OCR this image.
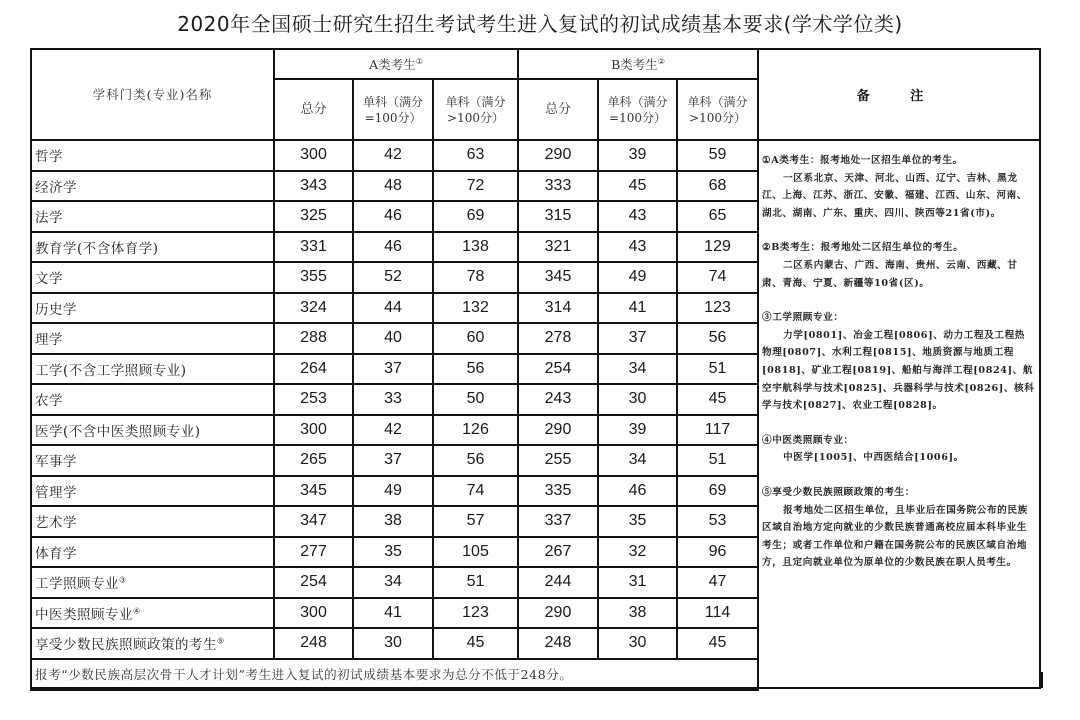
2020年全国硕士研究生招生考试考生进入复试的初试成绩基本要求(学术学位类)
学科门类(专业)名称	A类考生①			B类考生②
	总分	单科（满分=100分）	单科（满分>100分）	总分	单科（满分=100分）	单科（满分>100分）
哲学	300	42	63	290	39	59
经济学	343	48	72	333	45	68
法学	325	46	69	315	43	65
教育学(不含体育学)	331	46	138	321	43	129
文学	355	52	78	345	49	74
历史学	324	44	132	314	41	123
理学	288	40	60	278	37	56
工学(不含工学照顾专业)	264	37	56	254	34	51
农学	253	33	50	243	30	45
医学(不含中医类照顾专业)	300	42	126	290	39	117
军事学	265	37	56	255	34	51
管理学	345	49	74	335	46	69
艺术学	347	38	57	337	35	53
体育学	277	35	105	267	32	96
工学照顾专业③	254	34	51	244	31	47
中医类照顾专业④	300	41	123	290	38	114
享受少数民族照顾政策的考生⑤	248	30	45	248	30	45
报考“少数民族高层次骨干人才计划”考生进入复试的初试成绩基本要求为总分不低于248分。						
备 注
①A类考生：报考地处一区招生单位的考生。
一区系北京、天津、河北、山西、辽宁、吉林、黑龙江、上海、江苏、浙江、安徽、福建、江西、山东、河南、湖北、湖南、广东、重庆、四川、陕西等21省(市)。
②B类考生：报考地处二区招生单位的考生。
二区系内蒙古、广西、海南、贵州、云南、西藏、甘肃、青海、宁夏、新疆等10省(区)。
③工学照顾专业：
力学[0801]、冶金工程[0806]、动力工程及工程热物理[0807]、水利工程[0815]、地质资源与地质工程[0818]、矿业工程[0819]、船舶与海洋工程[0824]、航空宇航科学与技术[0825]、兵器科学与技术[0826]、核科学与技术[0827]、农业工程[0828]。
④中医类照顾专业：
中医学[1005]、中西医结合[1006]。
⑤享受少数民族照顾政策的考生：
报考地处二区招生单位，且毕业后在国务院公布的民族区域自治地方定向就业的少数民族普通高校应届本科毕业生考生；或者工作单位和户籍在国务院公布的民族区域自治地方，且定向就业单位为原单位的少数民族在职人员考生。
